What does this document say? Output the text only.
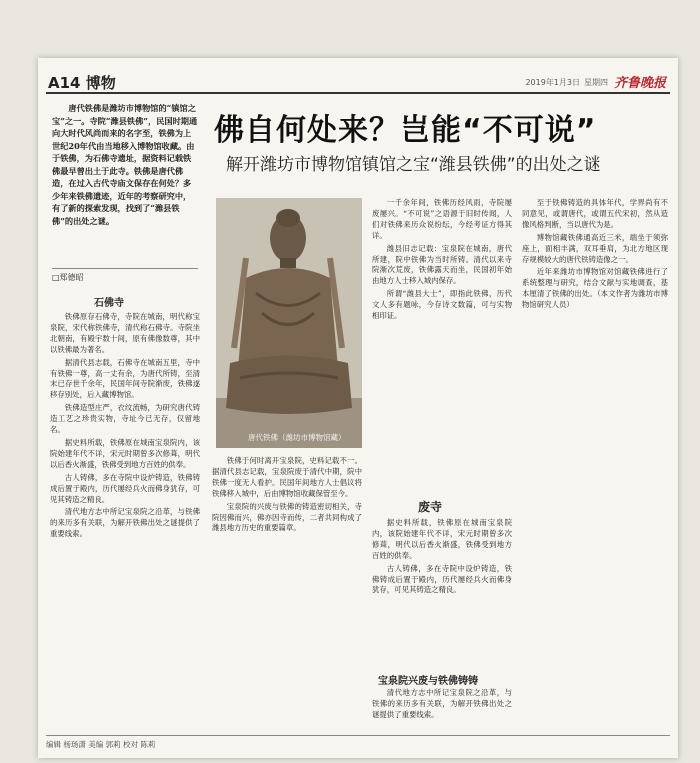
A14 博物	2019年1月3日 星期四 齐鲁晚报

唐代铁佛是潍坊市博物馆的“镇馆之宝”之一。寺院“潍县铁佛”，民国时期通向大时代风尚而来的名字至，铁佛为上世纪20年代由当地移入博物馆收藏。由于铁佛，为石佛寺遗址，据资料记载铁佛最早曾出土于此寺。铁佛是唐代佛造，在过入古代寺庙文保存在何处？多少年来铁佛遗迹，近年的考察研究中，有了新的探索发现，找到了“潍县铁佛”的出处之谜。

□郑德昭
佛自何处来？岂能“不可说”
解开潍坊市博物馆镇馆之宝“潍县铁佛”的出处之谜
唐代铁佛（潍坊市博物馆藏）
石佛寺

铁佛原存石佛寺，寺院在城南，明代称宝泉院，宋代称铁佛寺，清代称石佛寺。寺院坐北朝南，有殿宇数十间，原有佛像数尊，其中以铁佛最为著名。

据清代县志载，石佛寺在城南五里，寺中有铁佛一尊，高一丈有余，为唐代所铸，至清末已存世千余年，民国年间寺院渐废，铁佛遂移存别处，后入藏博物馆。

铁佛造型庄严，衣纹流畅，为研究唐代铸造工艺之珍贵实物，寺址今已无存，仅留地名。

据史料所载，铁佛原在城南宝泉院内，该院始建年代不详，宋元时期曾多次修葺，明代以后香火渐盛，铁佛受到地方百姓的供奉。

古人铸佛，多在寺院中设炉铸造，铁佛铸成后置于殿内，历代屡经兵火而佛身犹存，可见其铸造之精良。

清代地方志中所记宝泉院之沿革，与铁佛的来历多有关联，为解开铁佛出处之谜提供了重要线索。

一千余年间，铁佛历经风雨，寺院屡废屡兴。“不可说”之语源于旧时传闻，人们对铁佛来历众说纷纭，今经考证方得其详。

潍县旧志记载：宝泉院在城南，唐代所建，院中铁佛为当时所铸。清代以来寺院渐次荒废，铁佛露天而坐，民国初年始由地方人士移入城内保存。

所谓“潍县大士”，即指此铁佛，历代文人多有题咏，今存诗文数篇，可与实物相印证。

至于铁佛铸造的具体年代，学界尚有不同意见，或谓唐代，或谓五代宋初，然从造像风格判断，当以唐代为是。

博物馆藏铁佛通高近三米，端坐于须弥座上，面相丰满，双耳垂肩，为北方地区现存规模较大的唐代铁铸造像之一。

近年来潍坊市博物馆对馆藏铁佛进行了系统整理与研究，结合文献与实地调查，基本厘清了铁佛的出处。（本文作者为潍坊市博物馆研究人员）

铁佛于何时离开宝泉院，史料记载不一。据清代县志记载，宝泉院废于清代中期，院中铁佛一度无人看护。民国年间地方人士倡议将铁佛移入城中，后由博物馆收藏保管至今。

宝泉院的兴废与铁佛的铸造密切相关，寺院因佛而兴，佛亦因寺而传，二者共同构成了潍县地方历史的重要篇章。

废寺

据史料所载，铁佛原在城南宝泉院内，该院始建年代不详，宋元时期曾多次修葺，明代以后香火渐盛，铁佛受到地方百姓的供奉。

古人铸佛，多在寺院中设炉铸造，铁佛铸成后置于殿内，历代屡经兵火而佛身犹存，可见其铸造之精良。

宝泉院兴废与铁佛铸铸

清代地方志中所记宝泉院之沿革，与铁佛的来历多有关联，为解开铁佛出处之谜提供了重要线索。

编辑 杨玚潇 美编 郭莉 校对 陈莉
